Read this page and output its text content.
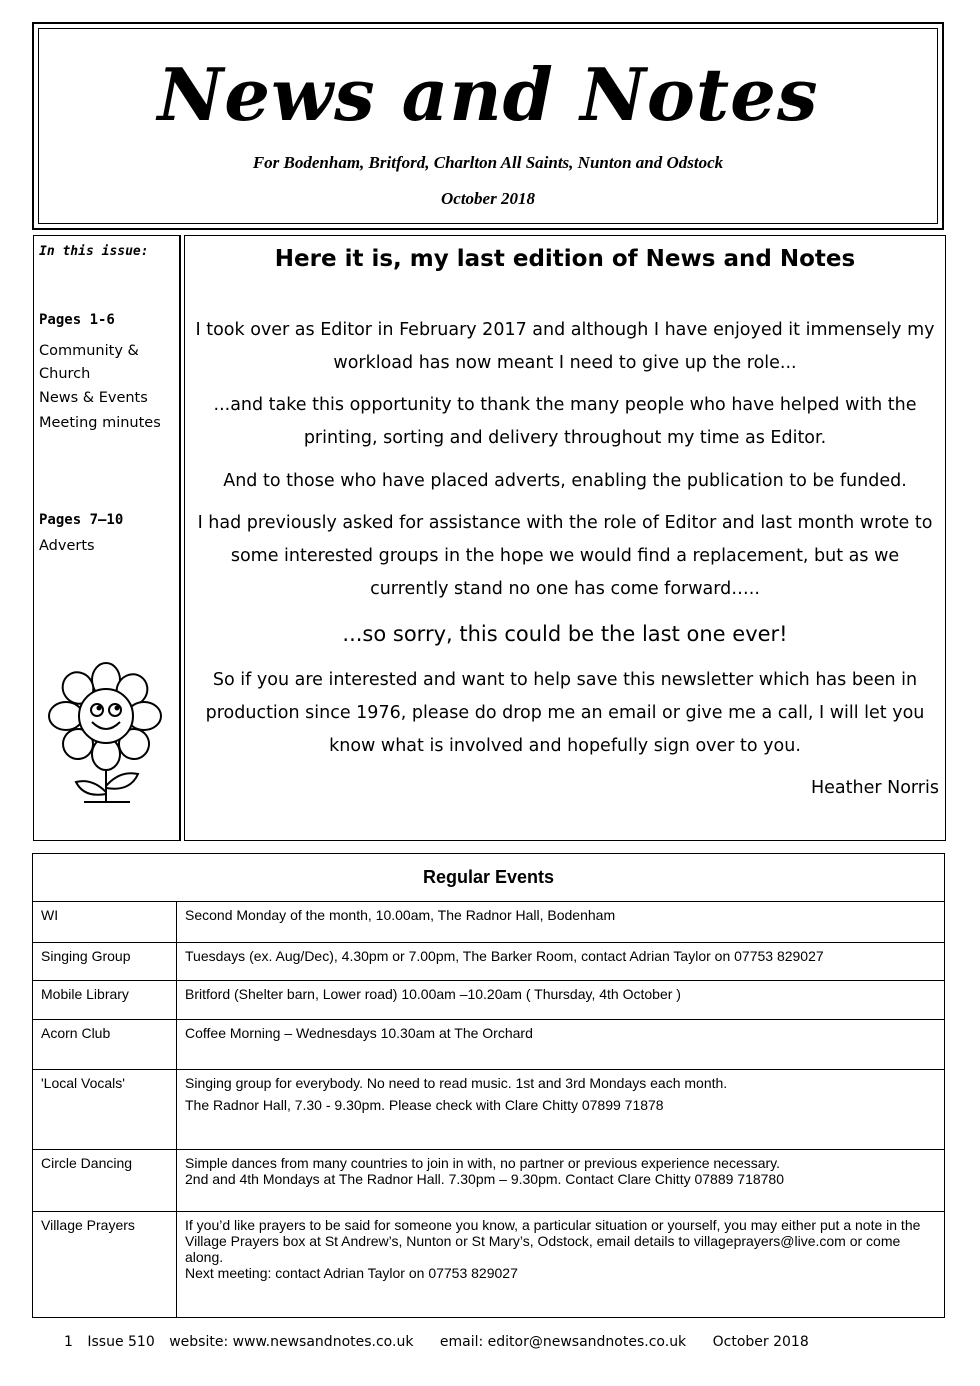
News and Notes
For Bodenham, Britford, Charlton All Saints, Nunton and Odstock
October 2018
In this issue:
Pages 1-6
Community &
Church
News & Events
Meeting minutes
Pages 7—10
Adverts
Here it is, my last edition of News and Notes
I took over as Editor in February 2017 and although I have enjoyed it immensely my workload has now meant I need to give up the role...
...and take this opportunity to thank the many people who have helped with the printing, sorting and delivery throughout my time as Editor.
And to those who have placed adverts, enabling the publication to be funded.
I had previously asked for assistance with the role of Editor and last month wrote to some interested groups in the hope we would find a replacement, but as we currently stand no one has come forward…..
...so sorry, this could be the last one ever!
So if you are interested and want to help save this newsletter which has been in production since 1976, please do drop me an email or give me a call, I will let you know what is involved and hopefully sign over to you.
Heather Norris
Regular Events	
WI	Second Monday of the month, 10.00am, The Radnor Hall, Bodenham

Singing Group	Tuesdays (ex. Aug/Dec), 4.30pm or 7.00pm, The Barker Room, contact Adrian Taylor on 07753 829027

Mobile Library	Britford (Shelter barn, Lower road) 10.00am –10.20am ( Thursday, 4th October )

Acorn Club	Coffee Morning – Wednesdays 10.30am at The Orchard

'Local Vocals'	Singing group for everybody. No need to read music. 1st and 3rd Mondays each month.
The Radnor Hall, 7.30 - 9.30pm. Please check with Clare Chitty 07899 71878

Circle Dancing	Simple dances from many countries to join in with, no partner or previous experience necessary.
2nd and 4th Mondays at The Radnor Hall. 7.30pm – 9.30pm. Contact Clare Chitty 07889 718780

Village Prayers	If you’d like prayers to be said for someone you know, a particular situation or yourself, you may either put a note in the Village Prayers box at St Andrew’s, Nunton or St Mary’s, Odstock, email details to villageprayers@live.com or come along.
Next meeting: contact Adrian Taylor on 07753 829027
1 Issue 510 website: www.newsandnotes.co.uk email: editor@newsandnotes.co.uk October 2018
